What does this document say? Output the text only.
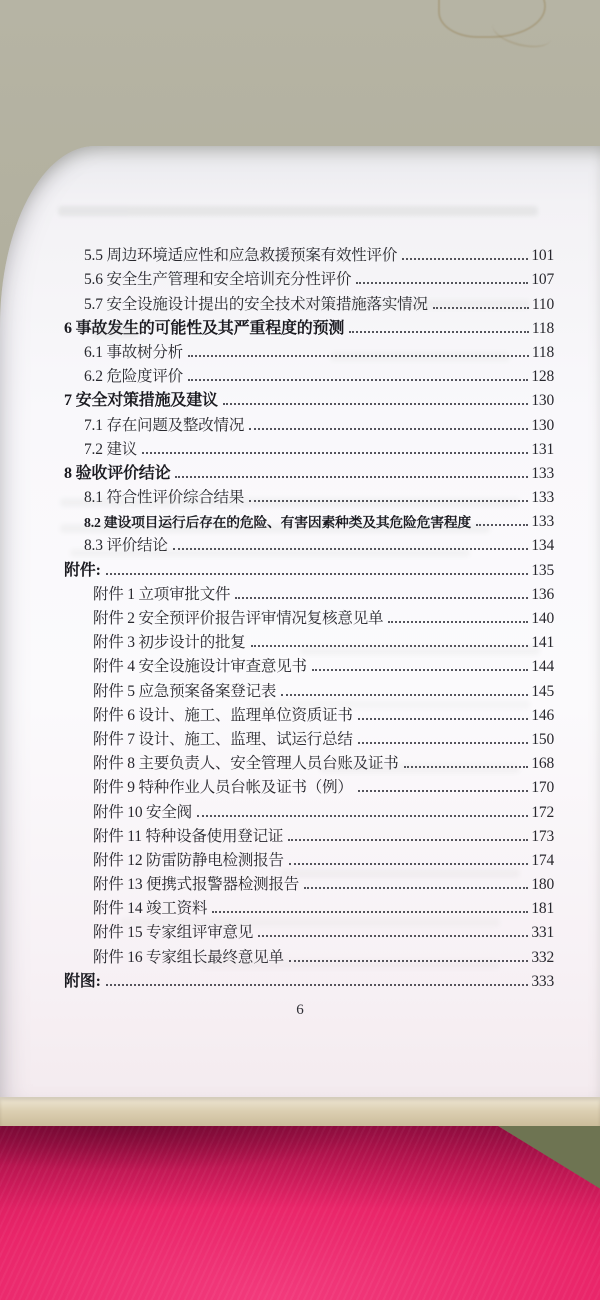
5.5 周边环境适应性和应急救援预案有效性评价	101
5.6 安全生产管理和安全培训充分性评价	107
5.7 安全设施设计提出的安全技术对策措施落实情况	110
6 事故发生的可能性及其严重程度的预测	118
6.1 事故树分析	118
6.2 危险度评价	128
7 安全对策措施及建议	130
7.1 存在问题及整改情况	130
7.2 建议	131
8 验收评价结论	133
8.1 符合性评价综合结果	133
8.2 建设项目运行后存在的危险、有害因素种类及其危险危害程度	133
8.3 评价结论	134
附件:	135
附件 1 立项审批文件	136
附件 2 安全预评价报告评审情况复核意见单	140
附件 3 初步设计的批复	141
附件 4 安全设施设计审查意见书	144
附件 5 应急预案备案登记表	145
附件 6 设计、施工、监理单位资质证书	146
附件 7 设计、施工、监理、试运行总结	150
附件 8 主要负责人、安全管理人员台账及证书	168
附件 9 特种作业人员台帐及证书（例）	170
附件 10 安全阀	172
附件 11 特种设备使用登记证	173
附件 12 防雷防静电检测报告	174
附件 13 便携式报警器检测报告	180
附件 14 竣工资料	181
附件 15 专家组评审意见	331
附件 16 专家组长最终意见单	332
附图:	333
6
